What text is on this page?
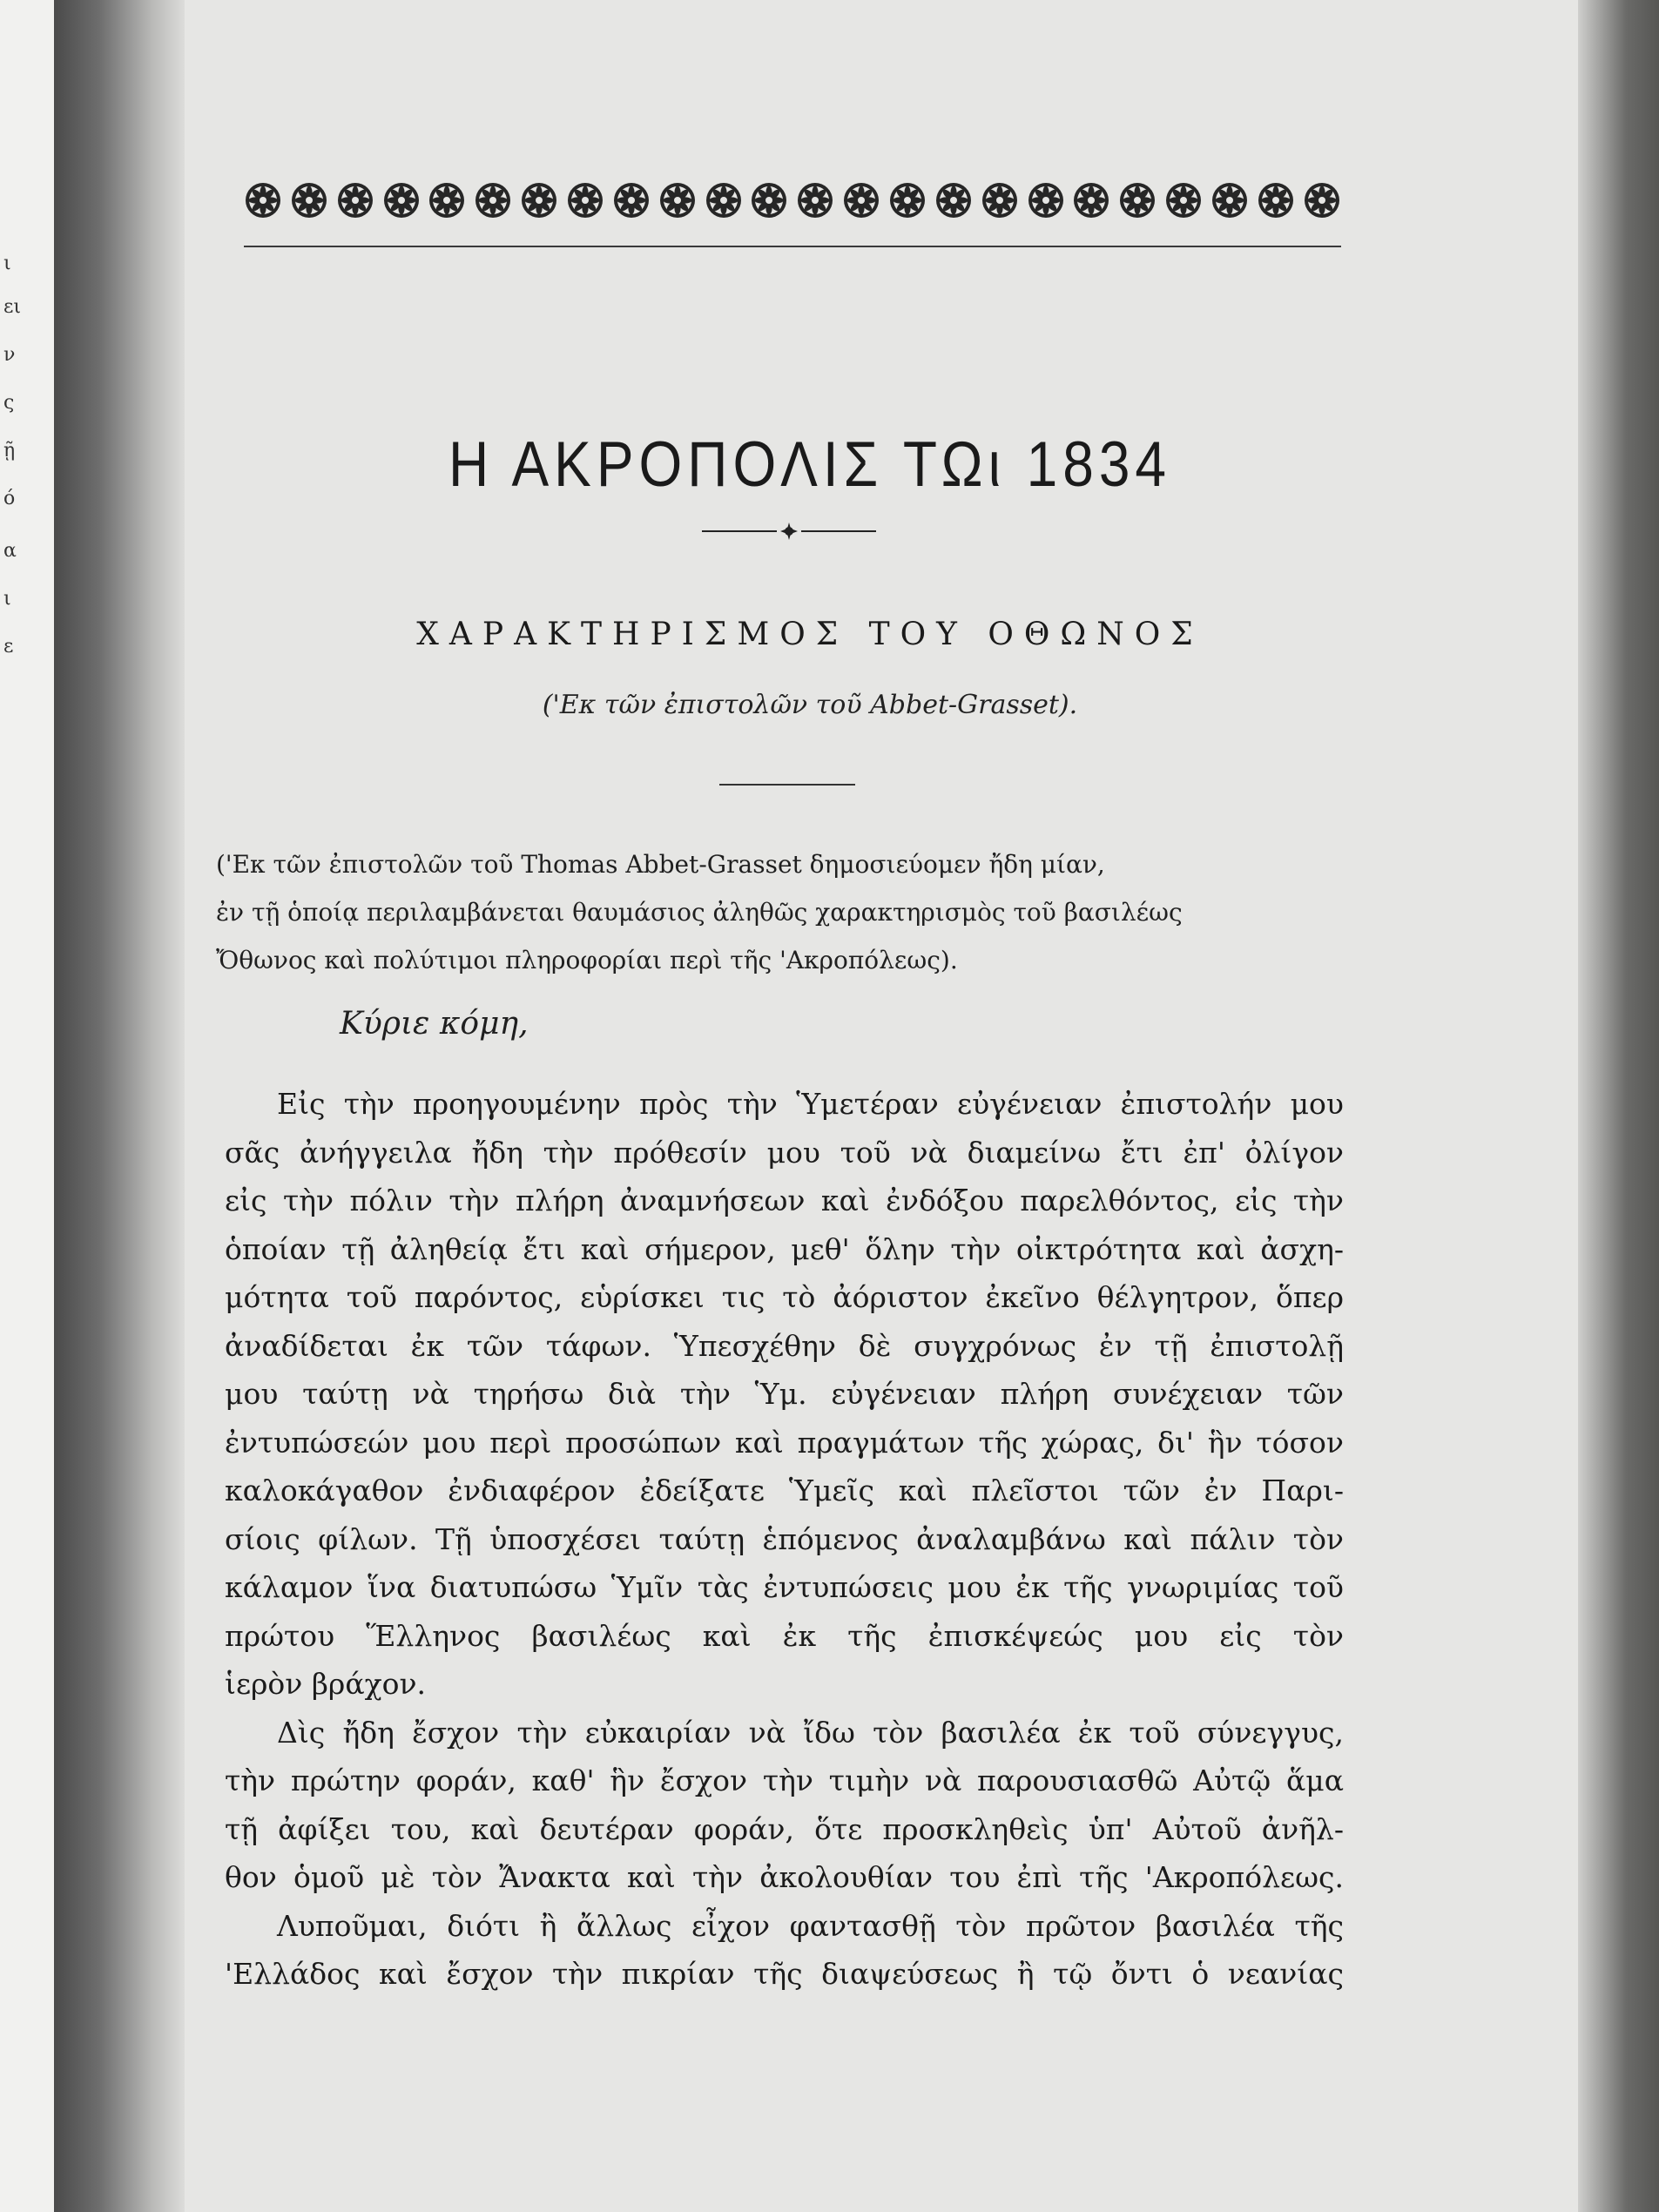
ι
ει
ν
ς
ῇ
ό
α
ι
ε
Η ΑΚΡΟΠΟΛΙΣ ΤΩι 1834
ΧΑΡΑΚΤΗΡΙΣΜΟΣ ΤΟΥ ΟΘΩΝΟΣ
('Εκ τῶν ἐπιστολῶν τοῦ Abbet-Grasset).
('Εκ τῶν ἐπιστολῶν τοῦ Thomas Abbet-Grasset δημοσιεύομεν ἤδη μίαν,
ἐν τῇ ὁποίᾳ περιλαμβάνεται θαυμάσιος ἀληθῶς χαρακτηρισμὸς τοῦ βασιλέως
Ὄθωνος καὶ πολύτιμοι πληροφορίαι περὶ τῆς 'Ακροπόλεως).
Κύριε κόμη,
Εἰς τὴν προηγουμένην πρὸς τὴν Ὑμετέραν εὐγένειαν ἐπιστολήν μου
σᾶς ἀνήγγειλα ἤδη τὴν πρόθεσίν μου τοῦ νὰ διαμείνω ἔτι ἐπ' ὀλίγον
εἰς τὴν πόλιν τὴν πλήρη ἀναμνήσεων καὶ ἐνδόξου παρελθόντος, εἰς τὴν
ὁποίαν τῇ ἀληθείᾳ ἔτι καὶ σήμερον, μεθ' ὅλην τὴν οἰκτρότητα καὶ ἀσχη-
μότητα τοῦ παρόντος, εὑρίσκει τις τὸ ἀόριστον ἐκεῖνο θέλγητρον, ὅπερ
ἀναδίδεται ἐκ τῶν τάφων. Ὑπεσχέθην δὲ συγχρόνως ἐν τῇ ἐπιστολῇ
μου ταύτῃ νὰ τηρήσω διὰ τὴν Ὑμ. εὐγένειαν πλήρη συνέχειαν τῶν
ἐντυπώσεών μου περὶ προσώπων καὶ πραγμάτων τῆς χώρας, δι' ἣν τόσον
καλοκάγαθον ἐνδιαφέρον ἐδείξατε Ὑμεῖς καὶ πλεῖστοι τῶν ἐν Παρι-
σίοις φίλων. Τῇ ὑποσχέσει ταύτῃ ἑπόμενος ἀναλαμβάνω καὶ πάλιν τὸν
κάλαμον ἵνα διατυπώσω Ὑμῖν τὰς ἐντυπώσεις μου ἐκ τῆς γνωριμίας τοῦ
πρώτου Ἕλληνος βασιλέως καὶ ἐκ τῆς ἐπισκέψεώς μου εἰς τὸν
ἱερὸν βράχον.
Δὶς ἤδη ἔσχον τὴν εὐκαιρίαν νὰ ἴδω τὸν βασιλέα ἐκ τοῦ σύνεγγυς,
τὴν πρώτην φοράν, καθ' ἣν ἔσχον τὴν τιμὴν νὰ παρουσιασθῶ Αὐτῷ ἅμα
τῇ ἀφίξει του, καὶ δευτέραν φοράν, ὅτε προσκληθεὶς ὑπ' Αὐτοῦ ἀνῆλ-
θον ὁμοῦ μὲ τὸν Ἄνακτα καὶ τὴν ἀκολουθίαν του ἐπὶ τῆς 'Ακροπόλεως.
Λυποῦμαι, διότι ἢ ἄλλως εἶχον φαντασθῇ τὸν πρῶτον βασιλέα τῆς
'Ελλάδος καὶ ἔσχον τὴν πικρίαν τῆς διαψεύσεως ἢ τῷ ὄντι ὁ νεανίας
